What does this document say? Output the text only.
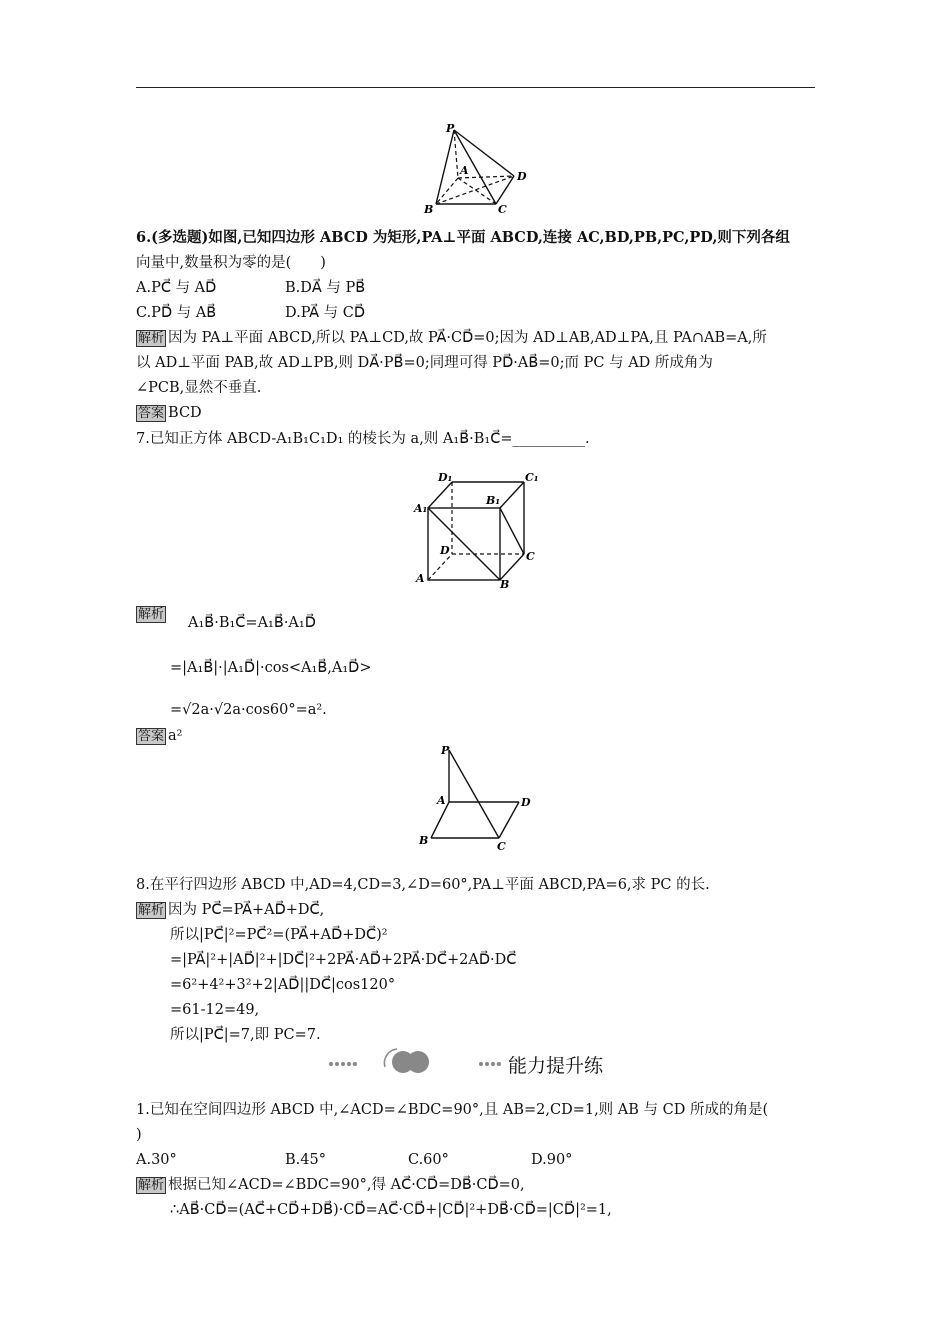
P
A
B	C
D
6.(多选题)如图,已知四边形 ABCD 为矩形,PA⊥平面 ABCD,连接 AC,BD,PB,PC,PD,则下列各组
向量中,数量积为零的是(　　)
A.PC⃗ 与 AD⃗	B.DA⃗ 与 PB⃗
C.PD⃗ 与 AB⃗	D.PA⃗ 与 CD⃗
解析 因为 PA⊥平面 ABCD,所以 PA⊥CD,故 PA⃗·CD⃗=0;因为 AD⊥AB,AD⊥PA,且 PA∩AB=A,所
以 AD⊥平面 PAB,故 AD⊥PB,则 DA⃗·PB⃗=0;同理可得 PD⃗·AB⃗=0;而 PC 与 AD 所成角为
∠PCB,显然不垂直.
答案 BCD
7.已知正方体 ABCD-A₁B₁C₁D₁ 的棱长为 a,则 A₁B⃗·B₁C⃗=__________.
D₁	C₁
A₁
B₁
D	C
A	B
解析
A₁B⃗·B₁C⃗=A₁B⃗·A₁D⃗
=|A₁B⃗|·|A₁D⃗|·cos<A₁B⃗,A₁D⃗>
=√2a·√2a·cos60°=a².
答案 a²
P
A
B	C
D
8.在平行四边形 ABCD 中,AD=4,CD=3,∠D=60°,PA⊥平面 ABCD,PA=6,求 PC 的长.
解析 因为 PC⃗=PA⃗+AD⃗+DC⃗,
所以|PC⃗|²=PC⃗²=(PA⃗+AD⃗+DC⃗)²
=|PA⃗|²+|AD⃗|²+|DC⃗|²+2PA⃗·AD⃗+2PA⃗·DC⃗+2AD⃗·DC⃗
=6²+4²+3²+2|AD⃗||DC⃗|cos120°
=61-12=49,
所以|PC⃗|=7,即 PC=7.
能力提升练
1.已知在空间四边形 ABCD 中,∠ACD=∠BDC=90°,且 AB=2,CD=1,则 AB 与 CD 所成的角是(
)
A.30°	B.45°	C.60°	D.90°
解析 根据已知∠ACD=∠BDC=90°,得 AC⃗·CD⃗=DB⃗·CD⃗=0,
∴AB⃗·CD⃗=(AC⃗+CD⃗+DB⃗)·CD⃗=AC⃗·CD⃗+|CD⃗|²+DB⃗·CD⃗=|CD⃗|²=1,
